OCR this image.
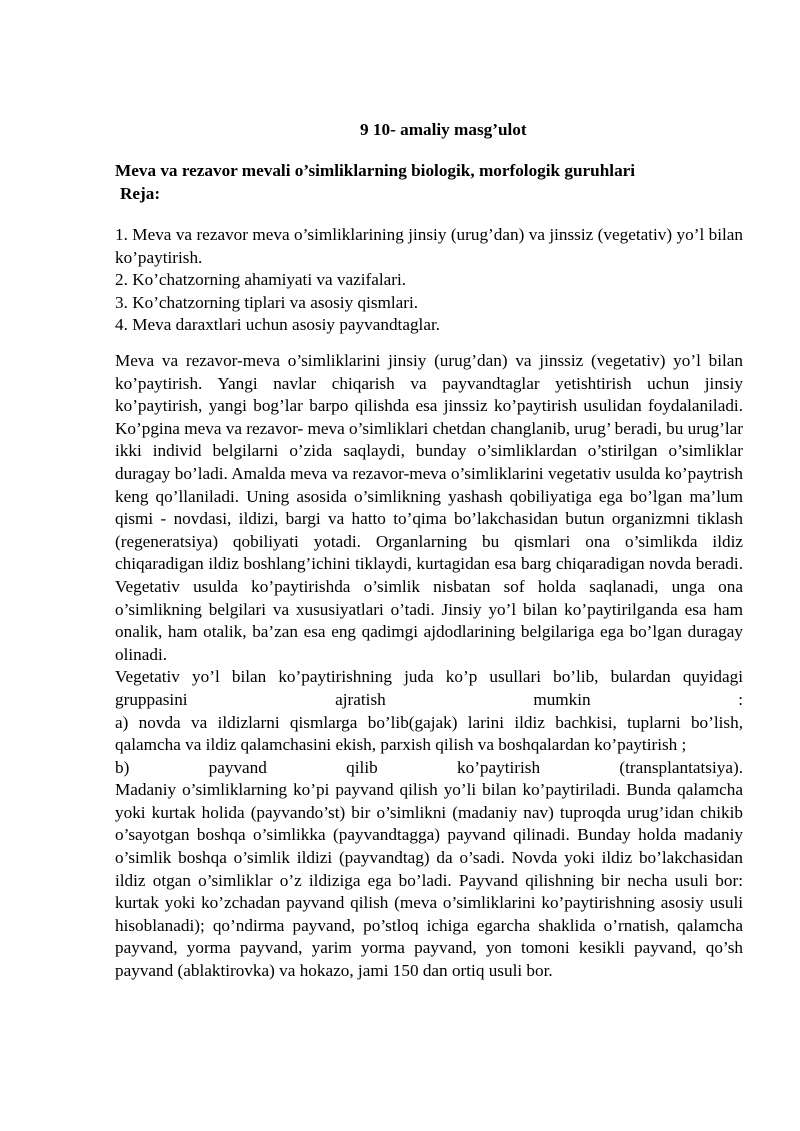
9 10- amaliy masg’ulot
Meva va rezavor mevali o’simliklarning biologik, morfologik guruhlari
Reja:
1. Meva va rezavor meva o’simliklarining jinsiy (urug’dan) va jinssiz (vegetativ) yo’l bilan ko’paytirish.
2. Ko’chatzorning ahamiyati va vazifalari.
3. Ko’chatzorning tiplari va asosiy qismlari.
4. Meva daraxtlari uchun asosiy payvandtaglar.

Meva va rezavor-meva o’simliklarini jinsiy (urug’dan) va jinssiz (vegetativ) yo’l bilan ko’paytirish. Yangi navlar chiqarish va payvandtaglar yetishtirish uchun jinsiy ko’paytirish, yangi bog’lar barpo qilishda esa jinssiz ko’paytirish usulidan foydalaniladi. Ko’pgina meva va rezavor- meva o’simliklari chetdan changlanib, urug’ beradi, bu urug’lar ikki individ belgilarni o’zida saqlaydi, bunday o’simliklardan o’stirilgan o’simliklar duragay bo’ladi. Amalda meva va rezavor-meva o’simliklarini vegetativ usulda ko’paytrish keng qo’llaniladi. Uning asosida o’simlikning yashash qobiliyatiga ega bo’lgan ma’lum qismi - novdasi, ildizi, bargi va hatto to’qima bo’lakchasidan butun organizmni tiklash (regeneratsiya) qobiliyati yotadi. Organlarning bu qismlari ona o’simlikda ildiz chiqaradigan ildiz boshlang’ichini tiklaydi, kurtagidan esa barg chiqaradigan novda beradi. Vegetativ usulda ko’paytirishda o’simlik nisbatan sof holda saqlanadi, unga ona o’simlikning belgilari va xususiyatlari o’tadi. Jinsiy yo’l bilan ko’paytirilganda esa ham onalik, ham otalik, ba’zan esa eng qadimgi ajdodlarining belgilariga ega bo’lgan duragay olinadi.

Vegetativ yo’l bilan ko’paytirishning juda ko’p usullari bo’lib, bulardan quyidagi gruppasini ajratish mumkin :

a) novda va ildizlarni qismlarga bo’lib(gajak) larini ildiz bachkisi, tuplarni bo’lish, qalamcha va ildiz qalamchasini ekish, parxish qilish va boshqalardan ko’paytirish ;

b) payvand qilib ko’paytirish (transplantatsiya).

Madaniy o’simliklarning ko’pi payvand qilish yo’li bilan ko’paytiriladi. Bunda qalamcha yoki kurtak holida (payvando’st) bir o’simlikni (madaniy nav) tuproqda urug’idan chikib o’sayotgan boshqa o’simlikka (payvandtagga) payvand qilinadi. Bunday holda madaniy o’simlik boshqa o’simlik ildizi (payvandtag) da o’sadi. Novda yoki ildiz bo’lakchasidan ildiz otgan o’simliklar o’z ildiziga ega bo’ladi. Payvand qilishning bir necha usuli bor: kurtak yoki ko’zchadan payvand qilish (meva o’simliklarini ko’paytirishning asosiy usuli hisoblanadi); qo’ndirma payvand, po’stloq ichiga egarcha shaklida o’rnatish, qalamcha payvand, yorma payvand, yarim yorma payvand, yon tomoni kesikli payvand, qo’sh payvand (ablaktirovka) va hokazo, jami 150 dan ortiq usuli bor.
